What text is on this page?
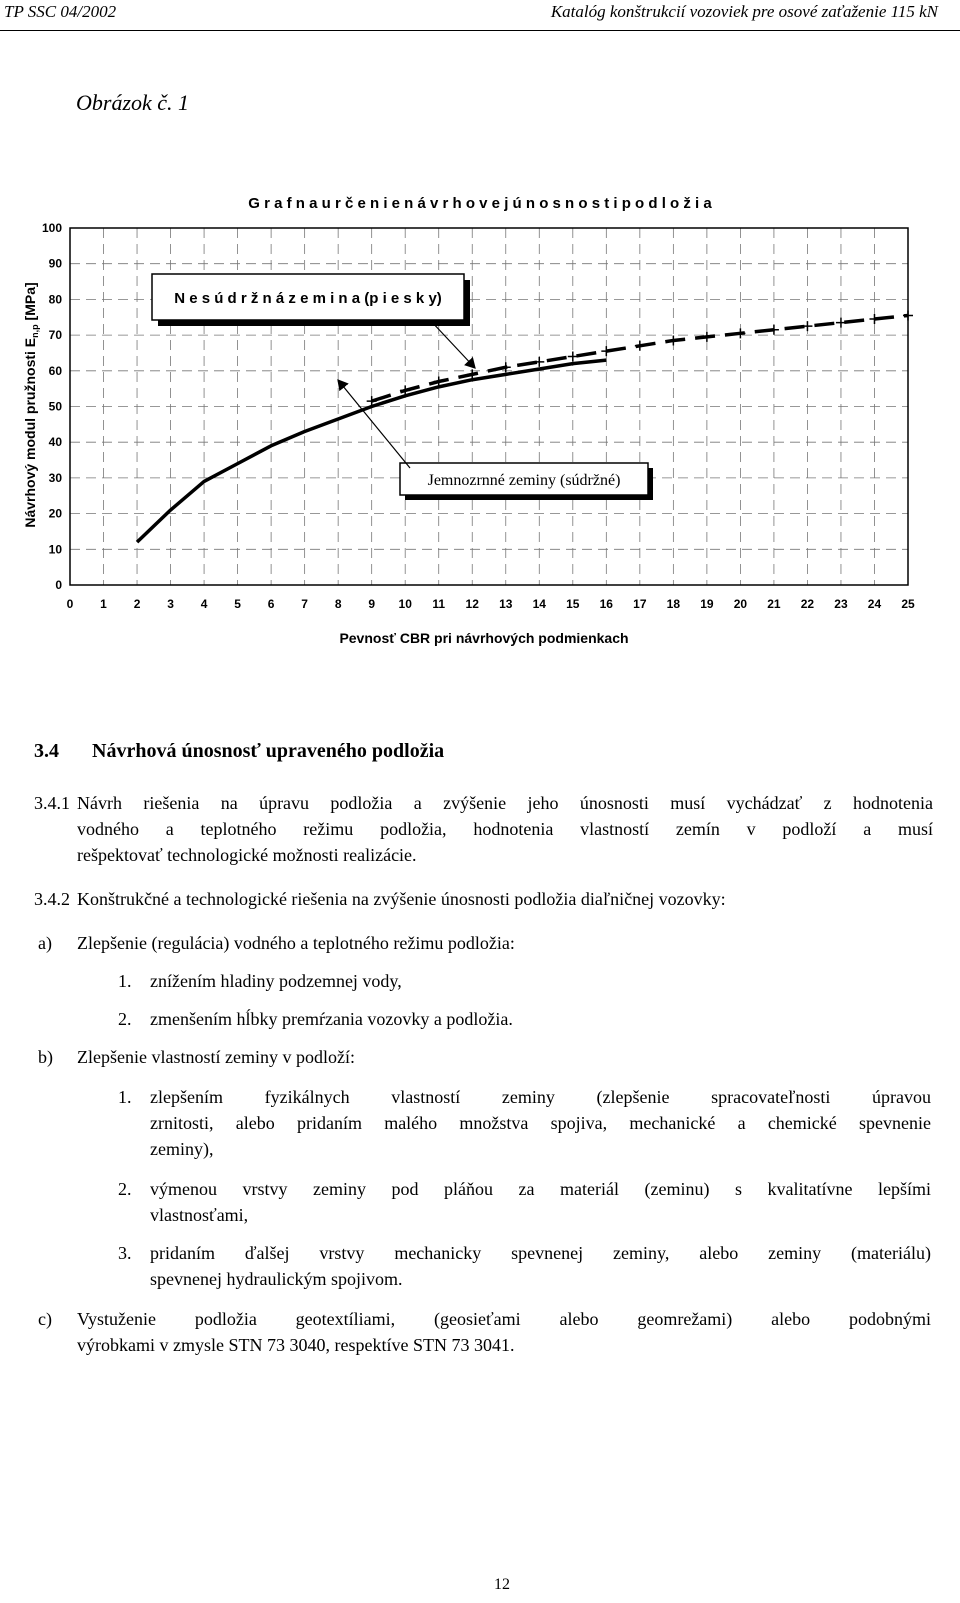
TP SSC 04/2002	Katalóg konštrukcií vozoviek pre osové zaťaženie 115 kN
Obrázok č. 1
G r a f n a u r č e n i e n á v r h o v e j ú n o s n o s t i p o d l o ž i a
0
10
20
30
40
50
60
70
80
90
100
0 1 2 3 4 5 6 7 8 9 10 11 12 13 14 15 16 17 18 19 20 21 22 23 24 25
Pevnosť CBR pri návrhových podmienkach
Návrhový modul pružnosti $E_{n,p}$ [MPa]	N e s ú d r ž n á z e m i n a (p i e s k y)
Jemnozrnné zeminy (súdržné)
3.4 Návrhová únosnosť upraveného podložia
3.4.1 Návrh riešenia na úpravu podložia a zvýšenie jeho únosnosti musí vychádzať z hodnotenia
vodného a teplotného režimu podložia, hodnotenia vlastností zemín v podloží a musí
rešpektovať technologické možnosti realizácie.
3.4.2 Konštrukčné a technologické riešenia na zvýšenie únosnosti podložia diaľničnej vozovky:
a) Zlepšenie (regulácia) vodného a teplotného režimu podložia:
1. znížením hladiny podzemnej vody,
2. zmenšením hĺbky premŕzania vozovky a podložia.
b) Zlepšenie vlastností zeminy v podloží:
1. zlepšením fyzikálnych vlastností zeminy (zlepšenie spracovateľnosti úpravou
zrnitosti, alebo pridaním malého množstva spojiva, mechanické a chemické spevnenie
zeminy),
2. výmenou vrstvy zeminy pod pláňou za materiál (zeminu) s kvalitatívne lepšími
vlastnosťami,
3. pridaním ďalšej vrstvy mechanicky spevnenej zeminy, alebo zeminy (materiálu)
spevnenej hydraulickým spojivom.
c) Vystuženie podložia geotextíliami, (geosieťami alebo geomrežami) alebo podobnými
výrobkami v zmysle STN 73 3040, respektíve STN 73 3041.
12
